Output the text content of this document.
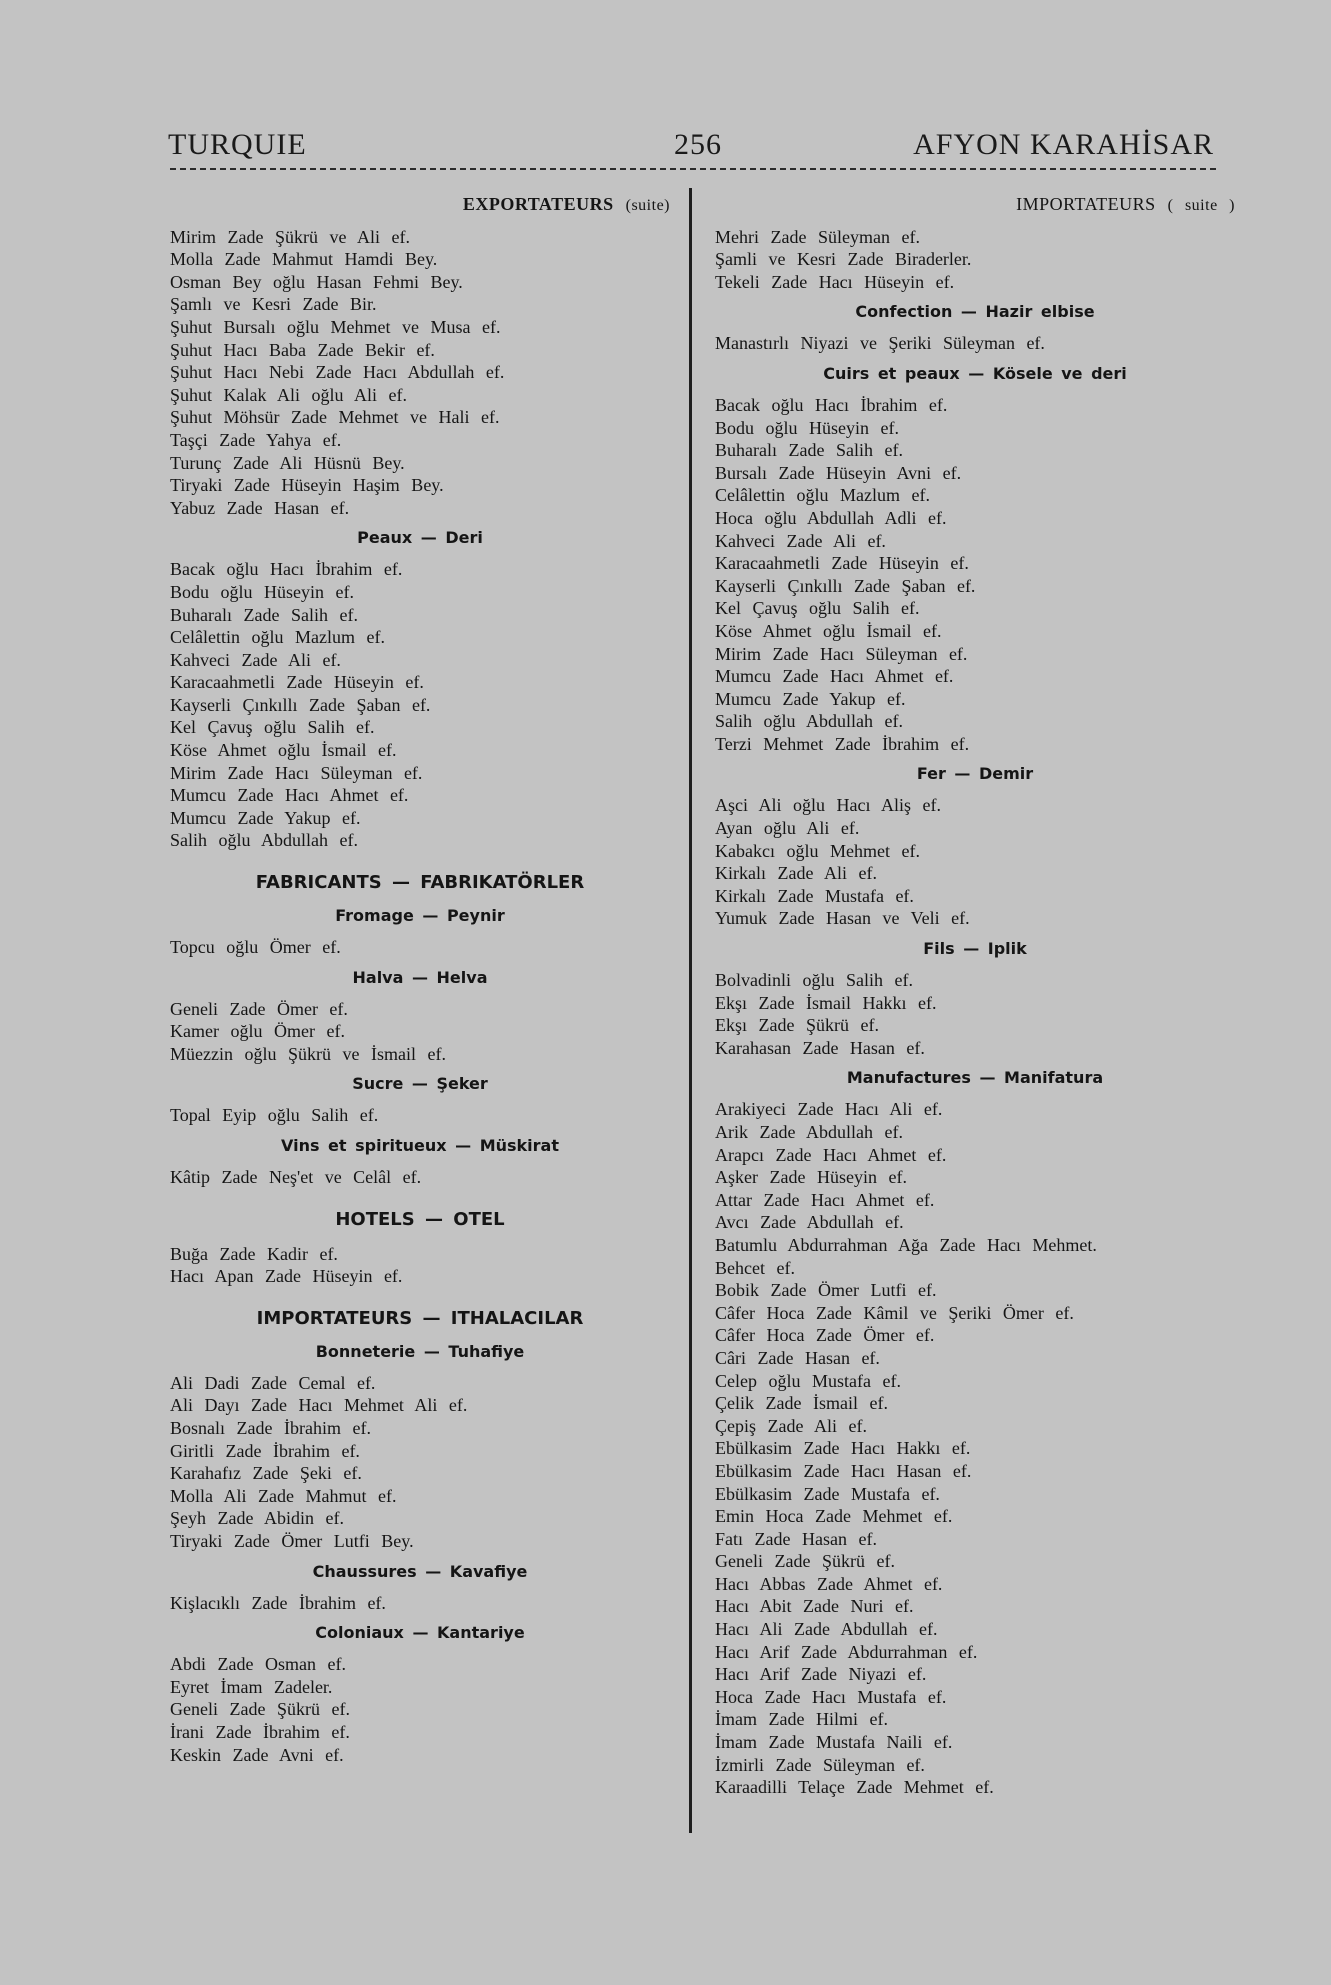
TURQUIE	256	AFYON KARAHİSAR
EXPORTATEURS (suite)
Mirim Zade Şükrü ve Ali ef.
Molla Zade Mahmut Hamdi Bey.
Osman Bey oğlu Hasan Fehmi Bey.
Şamlı ve Kesri Zade Bir.
Şuhut Bursalı oğlu Mehmet ve Musa ef.
Şuhut Hacı Baba Zade Bekir ef.
Şuhut Hacı Nebi Zade Hacı Abdullah ef.
Şuhut Kalak Ali oğlu Ali ef.
Şuhut Möhsür Zade Mehmet ve Hali ef.
Taşçi Zade Yahya ef.
Turunç Zade Ali Hüsnü Bey.
Tiryaki Zade Hüseyin Haşim Bey.
Yabuz Zade Hasan ef.
Peaux — Deri
Bacak oğlu Hacı İbrahim ef.
Bodu oğlu Hüseyin ef.
Buharalı Zade Salih ef.
Celâlettin oğlu Mazlum ef.
Kahveci Zade Ali ef.
Karacaahmetli Zade Hüseyin ef.
Kayserli Çınkıllı Zade Şaban ef.
Kel Çavuş oğlu Salih ef.
Köse Ahmet oğlu İsmail ef.
Mirim Zade Hacı Süleyman ef.
Mumcu Zade Hacı Ahmet ef.
Mumcu Zade Yakup ef.
Salih oğlu Abdullah ef.
FABRICANTS — FABRIKATÖRLER
Fromage — Peynir
Topcu oğlu Ömer ef.
Halva — Helva
Geneli Zade Ömer ef.
Kamer oğlu Ömer ef.
Müezzin oğlu Şükrü ve İsmail ef.
Sucre — Şeker
Topal Eyip oğlu Salih ef.
Vins et spiritueux — Müskirat
Kâtip Zade Neş'et ve Celâl ef.
HOTELS — OTEL
Buğa Zade Kadir ef.
Hacı Apan Zade Hüseyin ef.
IMPORTATEURS — ITHALACILAR
Bonneterie — Tuhafiye
Ali Dadi Zade Cemal ef.
Ali Dayı Zade Hacı Mehmet Ali ef.
Bosnalı Zade İbrahim ef.
Giritli Zade İbrahim ef.
Karahafız Zade Şeki ef.
Molla Ali Zade Mahmut ef.
Şeyh Zade Abidin ef.
Tiryaki Zade Ömer Lutfi Bey.
Chaussures — Kavafiye
Kişlacıklı Zade İbrahim ef.
Coloniaux — Kantariye
Abdi Zade Osman ef.
Eyret İmam Zadeler.
Geneli Zade Şükrü ef.
İrani Zade İbrahim ef.
Keskin Zade Avni ef.
IMPORTATEURS ( suite )
Mehri Zade Süleyman ef.
Şamli ve Kesri Zade Biraderler.
Tekeli Zade Hacı Hüseyin ef.
Confection — Hazir elbise
Manastırlı Niyazi ve Şeriki Süleyman ef.
Cuirs et peaux — Kösele ve deri
Bacak oğlu Hacı İbrahim ef.
Bodu oğlu Hüseyin ef.
Buharalı Zade Salih ef.
Bursalı Zade Hüseyin Avni ef.
Celâlettin oğlu Mazlum ef.
Hoca oğlu Abdullah Adli ef.
Kahveci Zade Ali ef.
Karacaahmetli Zade Hüseyin ef.
Kayserli Çınkıllı Zade Şaban ef.
Kel Çavuş oğlu Salih ef.
Köse Ahmet oğlu İsmail ef.
Mirim Zade Hacı Süleyman ef.
Mumcu Zade Hacı Ahmet ef.
Mumcu Zade Yakup ef.
Salih oğlu Abdullah ef.
Terzi Mehmet Zade İbrahim ef.
Fer — Demir
Aşci Ali oğlu Hacı Aliş ef.
Ayan oğlu Ali ef.
Kabakcı oğlu Mehmet ef.
Kirkalı Zade Ali ef.
Kirkalı Zade Mustafa ef.
Yumuk Zade Hasan ve Veli ef.
Fils — Iplik
Bolvadinli oğlu Salih ef.
Ekşı Zade İsmail Hakkı ef.
Ekşı Zade Şükrü ef.
Karahasan Zade Hasan ef.
Manufactures — Manifatura
Arakiyeci Zade Hacı Ali ef.
Arik Zade Abdullah ef.
Arapcı Zade Hacı Ahmet ef.
Aşker Zade Hüseyin ef.
Attar Zade Hacı Ahmet ef.
Avcı Zade Abdullah ef.
Batumlu Abdurrahman Ağa Zade Hacı Mehmet.
Behcet ef.
Bobik Zade Ömer Lutfi ef.
Câfer Hoca Zade Kâmil ve Şeriki Ömer ef.
Câfer Hoca Zade Ömer ef.
Câri Zade Hasan ef.
Celep oğlu Mustafa ef.
Çelik Zade İsmail ef.
Çepiş Zade Ali ef.
Ebülkasim Zade Hacı Hakkı ef.
Ebülkasim Zade Hacı Hasan ef.
Ebülkasim Zade Mustafa ef.
Emin Hoca Zade Mehmet ef.
Fatı Zade Hasan ef.
Geneli Zade Şükrü ef.
Hacı Abbas Zade Ahmet ef.
Hacı Abit Zade Nuri ef.
Hacı Ali Zade Abdullah ef.
Hacı Arif Zade Abdurrahman ef.
Hacı Arif Zade Niyazi ef.
Hoca Zade Hacı Mustafa ef.
İmam Zade Hilmi ef.
İmam Zade Mustafa Naili ef.
İzmirli Zade Süleyman ef.
Karaadilli Telaçe Zade Mehmet ef.
